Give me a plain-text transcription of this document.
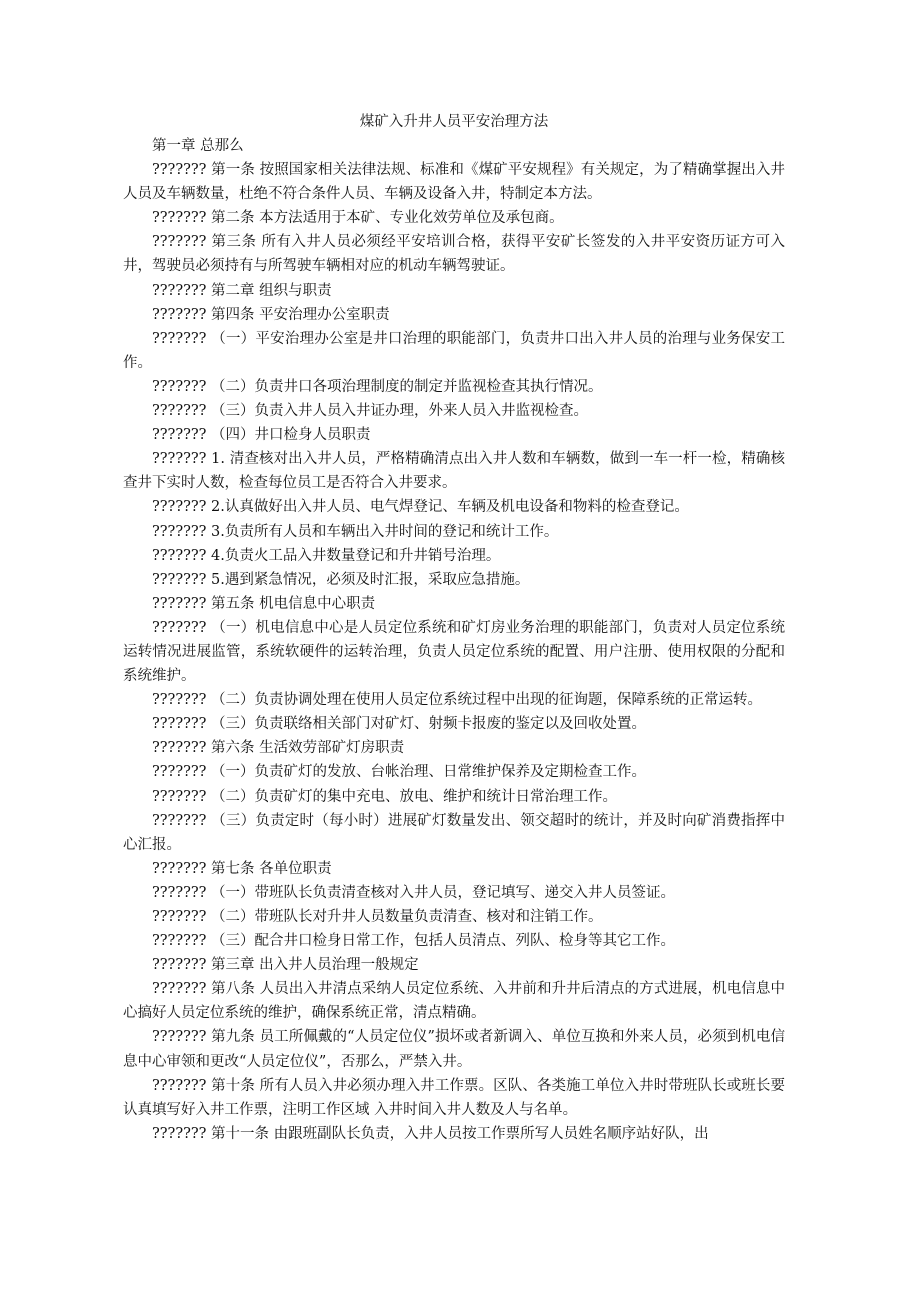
煤矿入升井人员平安治理方法

第一章 总那么

??????? 第一条 按照国家相关法律法规、标准和《煤矿平安规程》有关规定，为了精确掌握出入井人员及车辆数量，杜绝不符合条件人员、车辆及设备入井，特制定本方法。

??????? 第二条 本方法适用于本矿、专业化效劳单位及承包商。

??????? 第三条 所有入井人员必须经平安培训合格，获得平安矿长签发的入井平安资历证方可入井，驾驶员必须持有与所驾驶车辆相对应的机动车辆驾驶证。

??????? 第二章 组织与职责

??????? 第四条 平安治理办公室职责

??????? （一）平安治理办公室是井口治理的职能部门，负责井口出入井人员的治理与业务保安工作。

??????? （二）负责井口各项治理制度的制定并监视检查其执行情况。

??????? （三）负责入井人员入井证办理，外来人员入井监视检查。

??????? （四）井口检身人员职责

??????? 1. 清查核对出入井人员，严格精确清点出入井人数和车辆数，做到一车一杆一检，精确核查井下实时人数，检查每位员工是否符合入井要求。

??????? 2.认真做好出入井人员、电气焊登记、车辆及机电设备和物料的检查登记。

??????? 3.负责所有人员和车辆出入井时间的登记和统计工作。

??????? 4.负责火工品入井数量登记和升井销号治理。

??????? 5.遇到紧急情况，必须及时汇报，采取应急措施。

??????? 第五条 机电信息中心职责

??????? （一）机电信息中心是人员定位系统和矿灯房业务治理的职能部门，负责对人员定位系统运转情况进展监管，系统软硬件的运转治理，负责人员定位系统的配置、用户注册、使用权限的分配和系统维护。

??????? （二）负责协调处理在使用人员定位系统过程中出现的征询题，保障系统的正常运转。

??????? （三）负责联络相关部门对矿灯、射频卡报废的鉴定以及回收处置。

??????? 第六条 生活效劳部矿灯房职责

??????? （一）负责矿灯的发放、台帐治理、日常维护保养及定期检查工作。

??????? （二）负责矿灯的集中充电、放电、维护和统计日常治理工作。

??????? （三）负责定时（每小时）进展矿灯数量发出、领交超时的统计，并及时向矿消费指挥中心汇报。

??????? 第七条 各单位职责

??????? （一）带班队长负责清查核对入井人员，登记填写、递交入井人员签证。

??????? （二）带班队长对升井人员数量负责清查、核对和注销工作。

??????? （三）配合井口检身日常工作，包括人员清点、列队、检身等其它工作。

??????? 第三章 出入井人员治理一般规定

??????? 第八条 人员出入井清点采纳人员定位系统、入井前和升井后清点的方式进展，机电信息中心搞好人员定位系统的维护，确保系统正常，清点精确。

??????? 第九条 员工所佩戴的“人员定位仪”损坏或者新调入、单位互换和外来人员，必须到机电信息中心审领和更改“人员定位仪”，否那么，严禁入井。

??????? 第十条 所有人员入井必须办理入井工作票。区队、各类施工单位入井时带班队长或班长要认真填写好入井工作票，注明工作区域 入井时间入井人数及人与名单。

??????? 第十一条 由跟班副队长负责，入井人员按工作票所写人员姓名顺序站好队，出
